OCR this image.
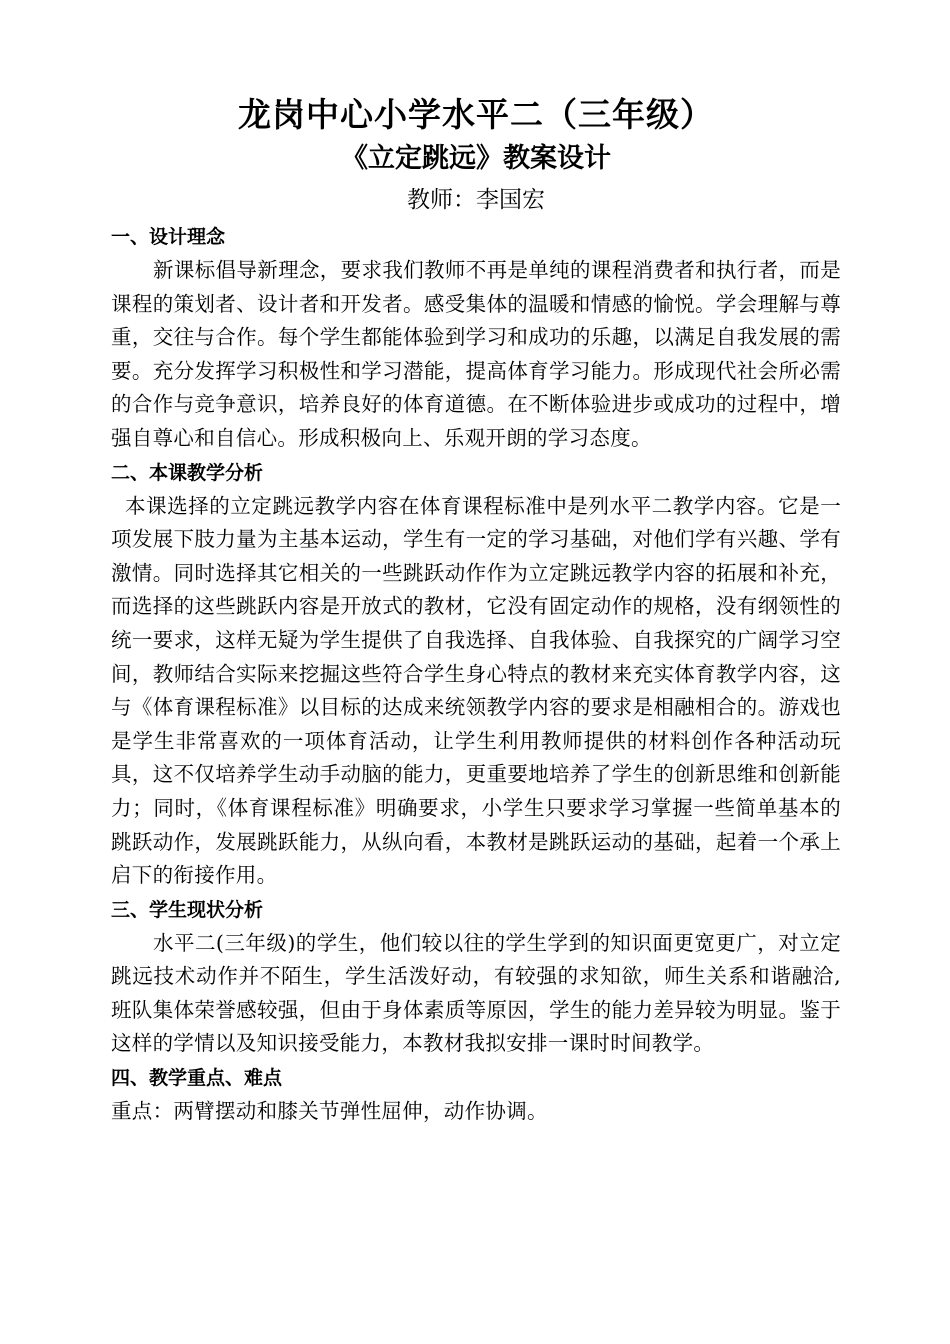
龙岗中心小学水平二（三年级）
《立定跳远》教案设计

教师：李国宏

一、设计理念

新课标倡导新理念，要求我们教师不再是单纯的课程消费者和执行者，而是课程的策划者、设计者和开发者。感受集体的温暖和情感的愉悦。学会理解与尊重，交往与合作。每个学生都能体验到学习和成功的乐趣，以满足自我发展的需要。充分发挥学习积极性和学习潜能，提高体育学习能力。形成现代社会所必需的合作与竞争意识，培养良好的体育道德。在不断体验进步或成功的过程中，增强自尊心和自信心。形成积极向上、乐观开朗的学习态度。

二、本课教学分析

本课选择的立定跳远教学内容在体育课程标准中是列水平二教学内容。它是一项发展下肢力量为主基本运动，学生有一定的学习基础，对他们学有兴趣、学有激情。同时选择其它相关的一些跳跃动作作为立定跳远教学内容的拓展和补充，而选择的这些跳跃内容是开放式的教材，它没有固定动作的规格，没有纲领性的统一要求，这样无疑为学生提供了自我选择、自我体验、自我探究的广阔学习空间，教师结合实际来挖掘这些符合学生身心特点的教材来充实体育教学内容，这与《体育课程标准》以目标的达成来统领教学内容的要求是相融相合的。游戏也是学生非常喜欢的一项体育活动，让学生利用教师提供的材料创作各种活动玩具，这不仅培养学生动手动脑的能力，更重要地培养了学生的创新思维和创新能力；同时，《体育课程标准》明确要求，小学生只要求学习掌握一些简单基本的跳跃动作，发展跳跃能力，从纵向看，本教材是跳跃运动的基础，起着一个承上启下的衔接作用。

三、学生现状分析

水平二(三年级)的学生，他们较以往的学生学到的知识面更宽更广，对立定跳远技术动作并不陌生，学生活泼好动，有较强的求知欲，师生关系和谐融洽,班队集体荣誉感较强，但由于身体素质等原因，学生的能力差异较为明显。鉴于这样的学情以及知识接受能力，本教材我拟安排一课时时间教学。

四、教学重点、难点

重点：两臂摆动和膝关节弹性屈伸，动作协调。
